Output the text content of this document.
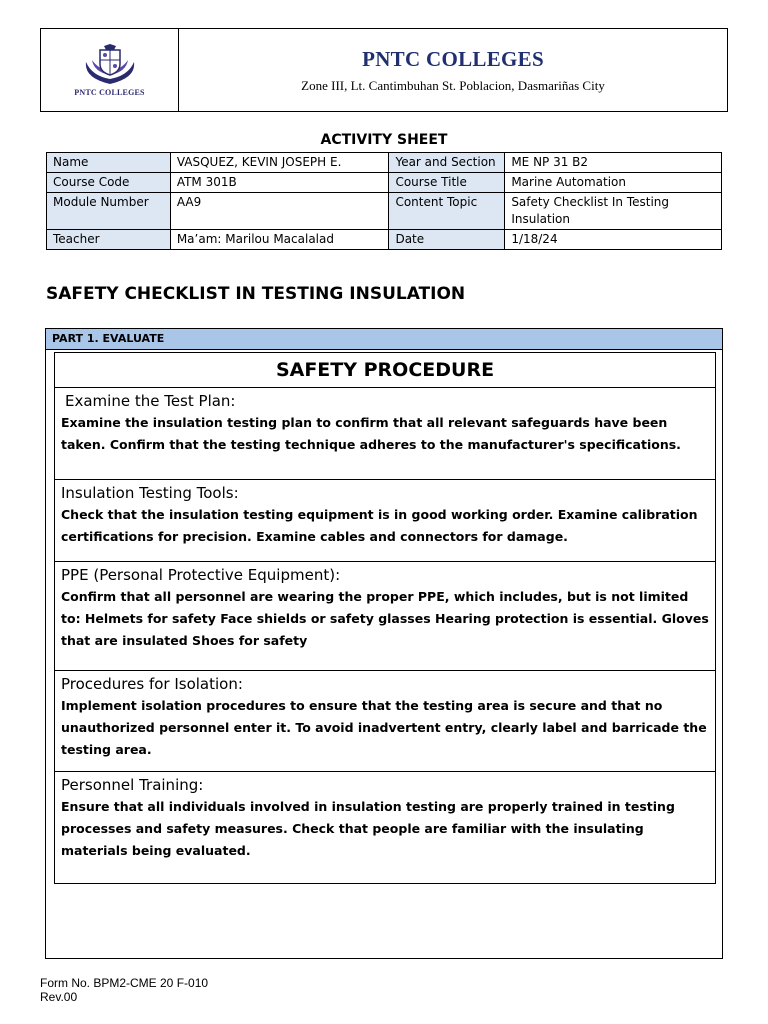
PNTC COLLEGES
PNTC COLLEGES
Zone III, Lt. Cantimbuhan St. Poblacion, Dasmariñas City
ACTIVITY SHEET
Name	VASQUEZ, KEVIN JOSEPH E.	Year and Section	ME NP 31 B2
Course Code	ATM 301B	Course Title	Marine Automation
Module Number	AA9	Content Topic	Safety Checklist In Testing Insulation
Teacher	Ma’am: Marilou Macalalad	Date	1/18/24
SAFETY CHECKLIST IN TESTING INSULATION
PART 1. EVALUATE
SAFETY PROCEDURE
Examine the Test Plan:

Examine the insulation testing plan to confirm that all relevant safeguards have been taken. Confirm that the testing technique adheres to the manufacturer's specifications.

Insulation Testing Tools:

Check that the insulation testing equipment is in good working order. Examine calibration certifications for precision. Examine cables and connectors for damage.

PPE (Personal Protective Equipment):

Confirm that all personnel are wearing the proper PPE, which includes, but is not limited to: Helmets for safety Face shields or safety glasses Hearing protection is essential. Gloves that are insulated Shoes for safety

Procedures for Isolation:

Implement isolation procedures to ensure that the testing area is secure and that no unauthorized personnel enter it. To avoid inadvertent entry, clearly label and barricade the testing area.

Personnel Training:

Ensure that all individuals involved in insulation testing are properly trained in testing processes and safety measures. Check that people are familiar with the insulating materials being evaluated.

Form No. BPM2-CME 20 F-010
Rev.00
